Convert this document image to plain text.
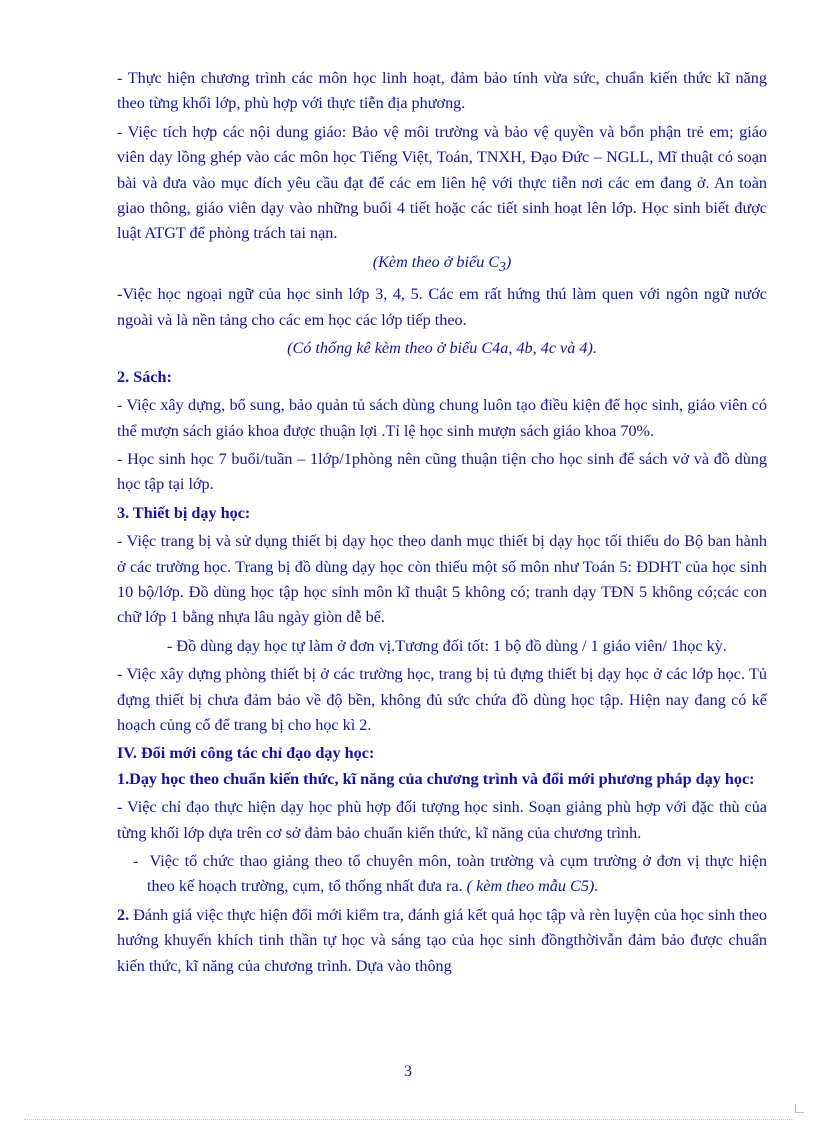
- Thực hiện chương trình các môn học linh hoạt, đảm bảo tính vừa sức, chuẩn kiến thức kĩ năng theo từng khối lớp, phù hợp với thực tiễn địa phương.

- Việc tích hợp các nội dung giáo: Bảo vệ môi trường và bảo vệ quyền và bổn phận trẻ em; giáo viên dạy lồng ghép vào các môn học Tiếng Việt, Toán, TNXH, Đạo Đức – NGLL, Mĩ thuật có soạn bài và đưa vào mục đích yêu cầu đạt để các em liên hệ với thực tiễn nơi các em đang ở. An toàn giao thông, giáo viên dạy vào những buổi 4 tiết hoặc các tiết sinh hoạt lên lớp. Học sinh biết được luật ATGT để phòng trách tai nạn.

(Kèm theo ở biểu $C_3$)

-Việc học ngoại ngữ của học sinh lớp 3, 4, 5. Các em rất hứng thú làm quen với ngôn ngữ nước ngoài và là nền tảng cho các em học các lớp tiếp theo.

(Có thống kê kèm theo ở biểu C4a, 4b, 4c và 4).

2. Sách:

- Việc xây dựng, bổ sung, bảo quản tủ sách dùng chung luôn tạo điều kiện để học sinh, giáo viên có thể mượn sách giáo khoa được thuận lợi .Tỉ lệ học sinh mượn sách giáo khoa 70%.

- Học sinh học 7 buổi/tuần – 1lớp/1phòng nên cũng thuận tiện cho học sinh để sách vở và đồ dùng học tập tại lớp.

3. Thiết bị dạy học:

- Việc trang bị và sử dụng thiết bị dạy học theo danh mục thiết bị dạy học tối thiểu do Bộ ban hành ở các trường học. Trang bị đồ dùng dạy học còn thiếu một số môn như Toán 5: ĐDHT của học sinh 10 bộ/lớp. Đồ dùng học tập học sinh môn kĩ thuật 5 không có; tranh dạy TĐN 5 không có;các con chữ lớp 1 bằng nhựa lâu ngày giòn dễ bể.

- Đồ dùng dạy học tự làm ở đơn vị.Tương đối tốt: 1 bộ đồ dùng / 1 giáo viên/ 1học kỳ.

- Việc xây dựng phòng thiết bị ở các trường học, trang bị tủ đựng thiết bị dạy học ở các lớp học. Tủ đựng thiết bị chưa đảm bảo về độ bền, không đủ sức chứa đồ dùng học tập. Hiện nay đang có kế hoạch củng cố để trang bị cho học kì 2.

IV. Đổi mới công tác chỉ đạo dạy học:

1.Dạy học theo chuẩn kiến thức, kĩ năng của chương trình và đổi mới phương pháp dạy học:

- Việc chỉ đạo thực hiện dạy học phù hợp đối tượng học sinh. Soạn giảng phù hợp với đặc thù của từng khối lớp dựa trên cơ sở đảm bảo chuẩn kiến thức, kĩ năng của chương trình.

-  Việc tổ chức thao giảng theo tổ chuyên môn, toàn trường và cụm trường ở đơn vị thực hiện theo kế hoạch trường, cụm, tổ thống nhất đưa ra. ( kèm theo mẫu C5).

2. Đánh giá việc thực hiện đổi mới kiểm tra, đánh giá kết quả học tập và rèn luyện của học sinh theo hướng khuyến khích tinh thần tự học và sáng tạo của học sinh đồngthờivẫn đảm bảo được chuẩn kiến thức, kĩ năng của chương trình. Dựa vào thông

3
